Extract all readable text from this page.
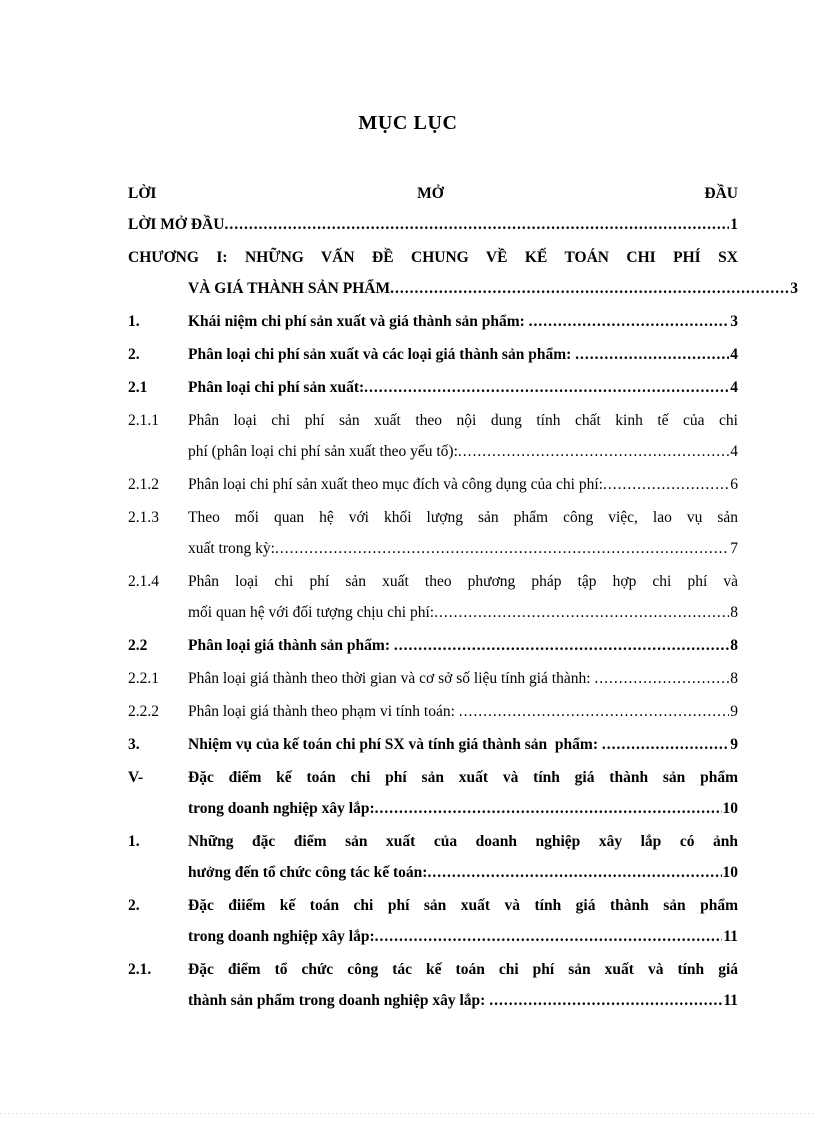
MỤC LỤC
LỜI MỞ ĐẦU
LỜI MỞ ĐẦU .....	1
CHƯƠNG I: NHỮNG VẤN ĐỀ CHUNG VỀ KẾ TOÁN CHI PHÍ SX
VÀ GIÁ THÀNH SẢN PHẨM .....	3
1.	Khái niệm chi phí sản xuất và giá thành sản phẩm: .....	3
2.	Phân loại chi phí sản xuất và các loại giá thành sản phẩm: .....	4
2.1	Phân loại chi phí sản xuất: .....	4
2.1.1	Phân loại chi phí sản xuất theo nội dung tính chất kinh tế của chi
phí (phân loại chi phí sản xuất theo yếu tố): .....	4
2.1.2	Phân loại chi phí sản xuất theo mục đích và công dụng của chi phí: .....	6
2.1.3	Theo mối quan hệ với khối lượng sản phẩm công việc, lao vụ sản
xuất trong kỳ: .....	7
2.1.4	Phân loại chi phí sản xuất theo phương pháp tập hợp chi phí và
mối quan hệ với đối tượng chịu chi phí: .....	8
2.2	Phân loại giá thành sản phẩm: .....	8
2.2.1	Phân loại giá thành theo thời gian và cơ sở số liệu tính giá thành: .....	8
2.2.2	Phân loại giá thành theo phạm vi tính toán: .....	9
3.	Nhiệm vụ của kế toán chi phí SX và tính giá thành sản  phẩm: .....	9
V-	Đặc điểm kế toán chi phí sản xuất và tính giá thành sản phẩm
trong doanh nghiệp xây lắp: .....	10
1.	Những đặc điểm sản xuất của doanh nghiệp xây lắp có ảnh
hưởng đến tổ chức công tác kế toán: .....	10
2.	Đặc điiểm kế toán chi phí sản xuất và tính giá thành sản phẩm
trong doanh nghiệp xây lắp: .....	11
2.1.	Đặc điểm tổ chức công tác kế toán chi phí sản xuất và tính giá
thành sản phẩm trong doanh nghiệp xây lắp: .....	11
